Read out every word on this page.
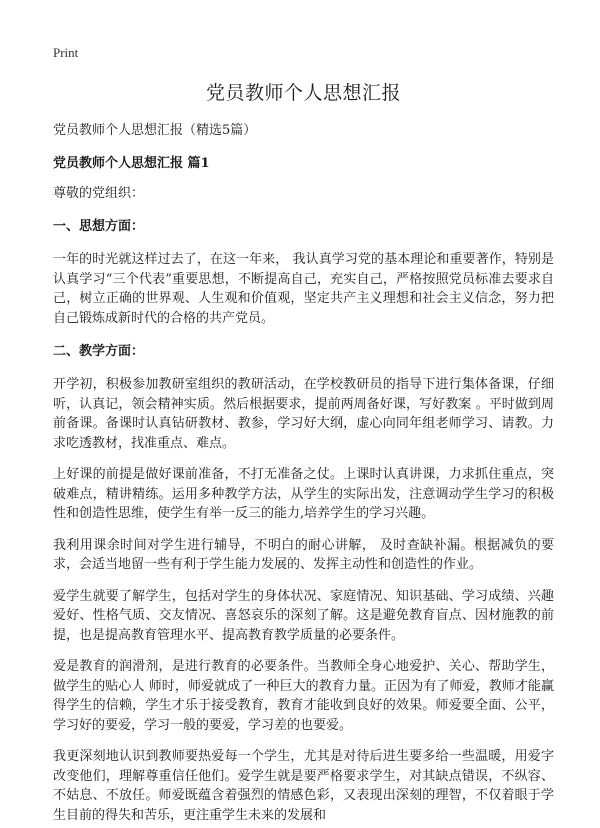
Print
党员教师个人思想汇报
党员教师个人思想汇报（精选5篇）
党员教师个人思想汇报 篇1
尊敬的党组织：
一、思想方面：

一年的时光就这样过去了，在这一年来， 我认真学习党的基本理论和重要著作，特别是认真学习“三个代表”重要思想，不断提高自己，充实自己，严格按照党员标准去要求自己，树立正确的世界观、人生观和价值观，坚定共产主义理想和社会主义信念，努力把自己锻炼成新时代的合格的共产党员。

二、教学方面：

开学初，积极参加教研室组织的教研活动，在学校教研员的指导下进行集体备课，仔细听，认真记，领会精神实质。然后根据要求，提前两周备好课，写好教案 。平时做到周前备课。备课时认真钻研教材、教参，学习好大纲，虚心向同年组老师学习、请教。力求吃透教材，找准重点、难点。

上好课的前提是做好课前准备，不打无准备之仗。上课时认真讲课，力求抓住重点，突破难点，精讲精练。运用多种教学方法，从学生的实际出发，注意调动学生学习的积极性和创造性思维，使学生有举一反三的能力,培养学生的学习兴趣。

我利用课余时间对学生进行辅导，不明白的耐心讲解， 及时查缺补漏。根据减负的要求，会适当地留一些有利于学生能力发展的、发挥主动性和创造性的作业。

爱学生就要了解学生，包括对学生的身体状况、家庭情况、知识基础、学习成绩、兴趣爱好、性格气质、交友情况、喜怒哀乐的深刻了解。这是避免教育盲点、因材施教的前提，也是提高教育管理水平、提高教育教学质量的必要条件。

爱是教育的润滑剂，是进行教育的必要条件。当教师全身心地爱护、关心、帮助学生，做学生的贴心人 师时，师爱就成了一种巨大的教育力量。正因为有了师爱，教师才能赢得学生的信赖，学生才乐于接受教育，教育才能收到良好的效果。师爱要全面、公平，学习好的要爱，学习一般的要爱，学习差的也要爱。

我更深刻地认识到教师要热爱每一个学生，尤其是对待后进生要多给一些温暖，用爱字改变他们，理解尊重信任他们。爱学生就是要严格要求学生，对其缺点错误，不纵容、不姑息、不放任。师爱既蕴含着强烈的情感色彩，又表现出深刻的理智，不仅着眼于学生目前的得失和苦乐，更注重学生未来的发展和
